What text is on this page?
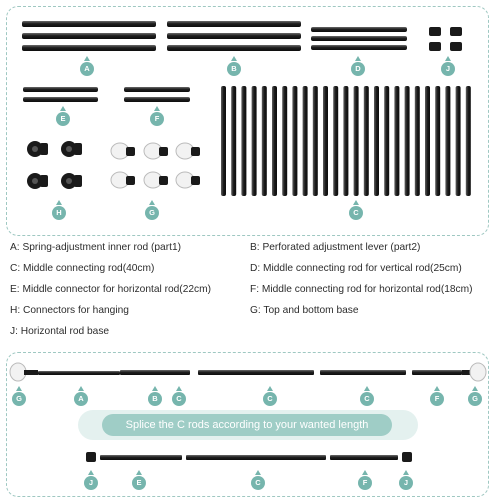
A	B	D	J
E	F
H	G	C
A: Spring-adjustment inner rod (part1)	B: Perforated adjustment lever (part2)
C: Middle connecting rod(40cm)	D: Middle connecting rod for vertical rod(25cm)
E: Middle connector for horizontal rod(22cm)	F: Middle connecting rod for horizontal rod(18cm)
H: Connectors for hanging	G: Top and bottom base
J: Horizontal rod base
G	A	B	C	C	C	F	G
Splice the C rods according to your wanted length
J	E	C	F	J
